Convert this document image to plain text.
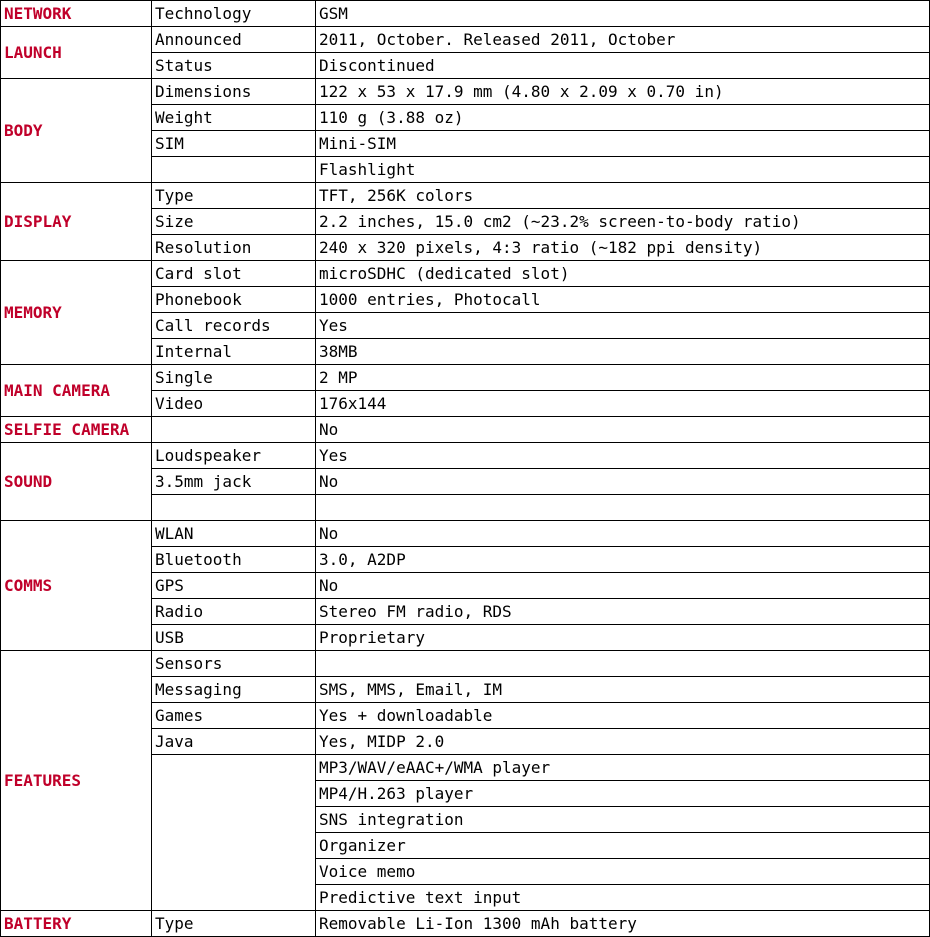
NETWORK	Technology	GSM
LAUNCH	Announced	2011, October. Released 2011, October
	Status	Discontinued
BODY	Dimensions	122 x 53 x 17.9 mm (4.80 x 2.09 x 0.70 in)
	Weight	110 g (3.88 oz)
	SIM	Mini-SIM
		Flashlight
DISPLAY	Type	TFT, 256K colors
	Size	2.2 inches, 15.0 cm2 (~23.2% screen-to-body ratio)
	Resolution	240 x 320 pixels, 4:3 ratio (~182 ppi density)
MEMORY	Card slot	microSDHC (dedicated slot)
	Phonebook	1000 entries, Photocall
	Call records	Yes
	Internal	38MB
MAIN CAMERA	Single	2 MP
	Video	176x144
SELFIE CAMERA		No
SOUND	Loudspeaker	Yes
	3.5mm jack	No

COMMS	WLAN	No
	Bluetooth	3.0, A2DP
	GPS	No
	Radio	Stereo FM radio, RDS
	USB	Proprietary
FEATURES	Sensors	
	Messaging	SMS, MMS, Email, IM
	Games	Yes + downloadable
	Java	Yes, MIDP 2.0
		MP3/WAV/eAAC+/WMA player
		MP4/H.263 player
		SNS integration
		Organizer
		Voice memo
		Predictive text input
BATTERY	Type	Removable Li-Ion 1300 mAh battery
